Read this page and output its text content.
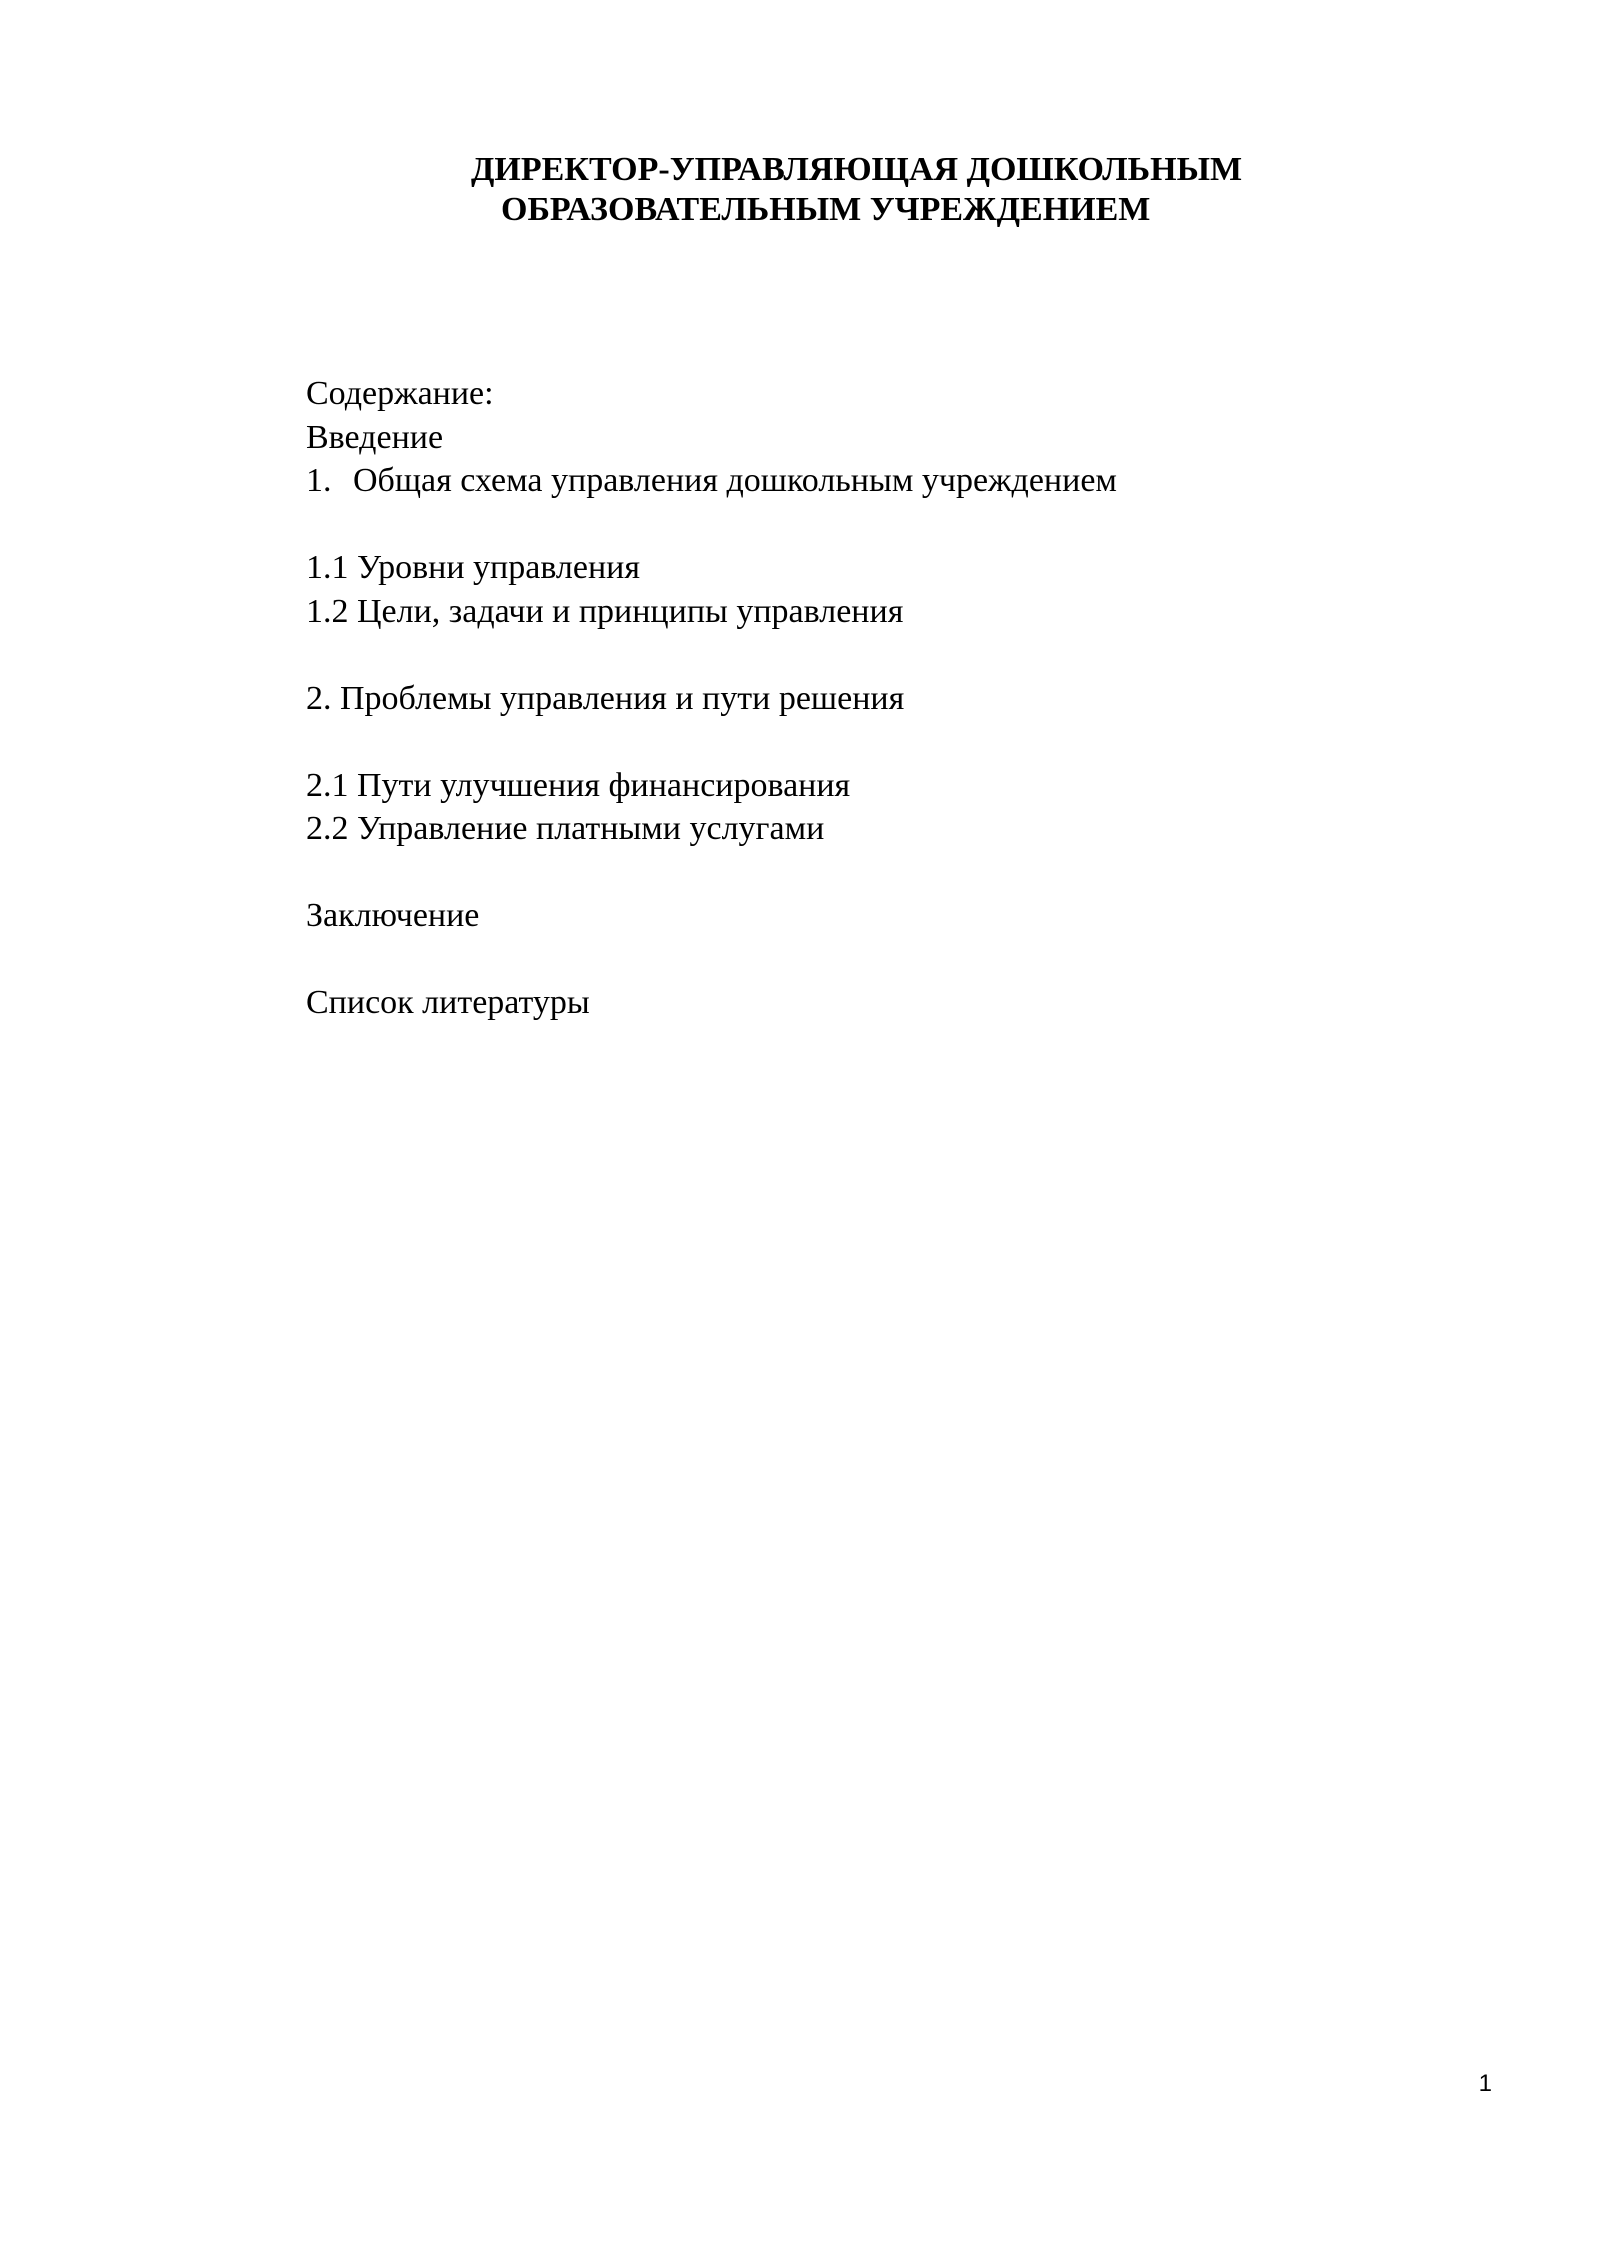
ДИРЕКТОР-УПРАВЛЯЮЩАЯ ДОШКОЛЬНЫМ
ОБРАЗОВАТЕЛЬНЫМ УЧРЕЖДЕНИЕМ
Содержание:
Введение
1. Общая схема управления дошкольным учреждением
1.1 Уровни управления
1.2 Цели, задачи и принципы управления
2. Проблемы управления и пути решения
2.1 Пути улучшения финансирования
2.2 Управление платными услугами
Заключение
Список литературы
1
